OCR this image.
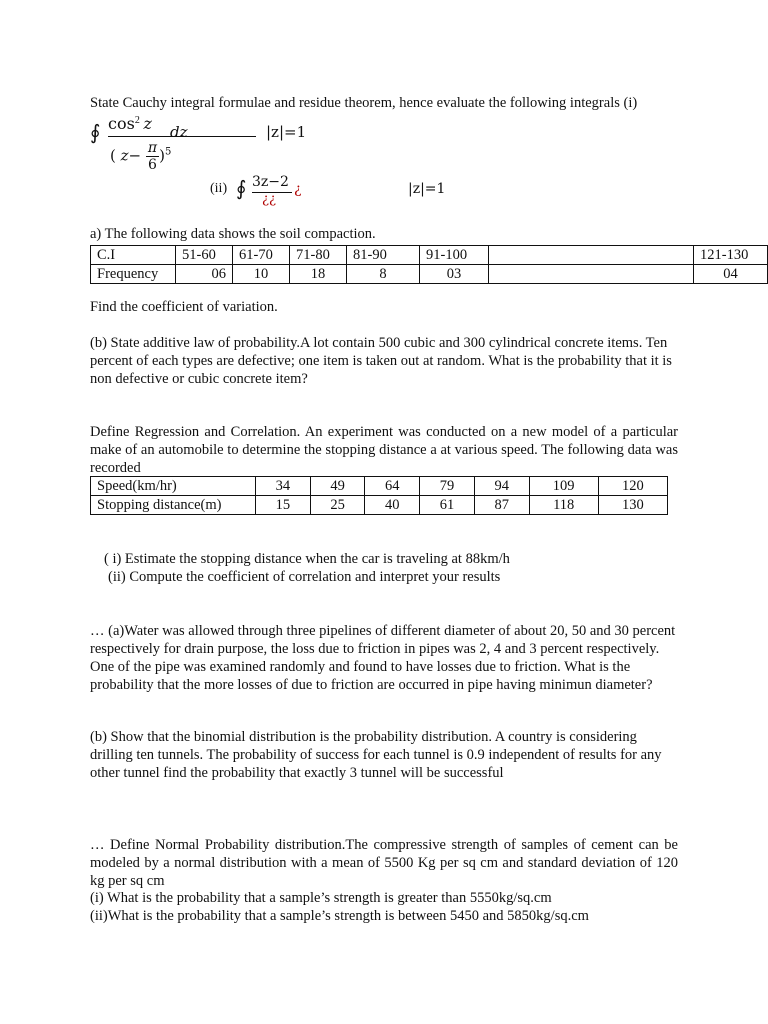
State Cauchy integral formulae and residue theorem, hence evaluate the following integrals (i)
∮ $\cos^2 z$
( $z- \frac{\pi}{6} )^5$
dz	|z|=1
(ii) ∮ 3z−2
¿¿
¿	|z|=1
a) The following data shows the soil compaction.
C.I	51-60	61-70	71-80	81-90	91-100		121-130
Frequency	06	10	18	8	03		04
Find the coefficient of variation.
(b) State additive law of probability.A lot contain 500 cubic and 300 cylindrical concrete items. Ten percent of each types are defective; one item is taken out at random. What is the probability that it is non defective or cubic concrete item?
Define Regression and Correlation. An experiment was conducted on a new model of a particular make of an automobile to determine the stopping distance a at various speed. The following data was recorded
Speed(km/hr)	34	49	64	79	94	109	120
Stopping distance(m)	15	25	40	61	87	118	130
( i) Estimate the stopping distance when the car is traveling at 88km/h
(ii) Compute the coefficient of correlation and interpret your results
… (a)Water was allowed through three pipelines of different diameter of about 20, 50 and 30 percent respectively for drain purpose, the loss due to friction in pipes was 2, 4 and 3 percent respectively. One of the pipe was examined randomly and found to have losses due to friction. What is the probability that the more losses of due to friction are occurred in pipe having minimun diameter?
(b) Show that the binomial distribution is the probability distribution. A country is considering drilling ten tunnels. The probability of success for each tunnel is 0.9 independent of results for any other tunnel find the probability that exactly 3 tunnel will be successful
… Define Normal Probability distribution.The compressive strength of samples of cement can be modeled by a normal distribution with a mean of 5500 Kg per sq cm and standard deviation of 120 kg per sq cm
(i) What is the probability that a sample’s strength is greater than 5550kg/sq.cm
(ii)What is the probability that a sample’s strength is between 5450 and 5850kg/sq.cm
